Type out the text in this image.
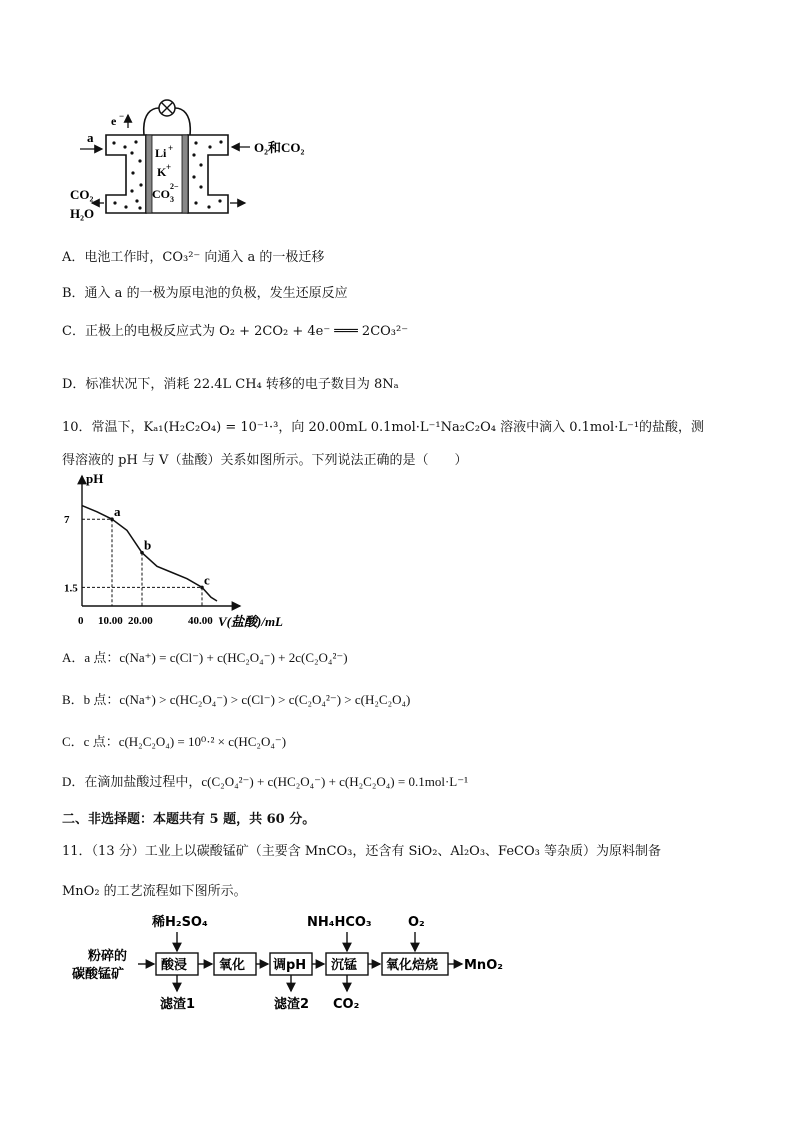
Li +
K +
CO 3
2−
e −
a
O₂和CO₂
CO₂
H₂O
A．电池工作时，CO₃²⁻ 向通入 a 的一极迁移
B．通入 a 的一极为原电池的负极，发生还原反应
C．正极上的电极反应式为 O₂ + 2CO₂ + 4e⁻ ═══ 2CO₃²⁻
D．标准状况下，消耗 22.4L CH₄ 转移的电子数目为 8Nₐ
10．常温下，Kₐ₁(H₂C₂O₄) = 10⁻¹·³，向 20.00mL 0.1mol·L⁻¹Na₂C₂O₄ 溶液中滴入 0.1mol·L⁻¹的盐酸，测
得溶液的 pH 与 V（盐酸）关系如图所示。下列说法正确的是（　　）
pH
V(盐酸)/mL
a
b
c
0 10.00 20.00	40.00
7
1.5
A．a 点：c(Na⁺) = c(Cl⁻) + c(HC₂O₄⁻) + 2c(C₂O₄²⁻)
B．b 点：c(Na⁺) > c(HC₂O₄⁻) > c(Cl⁻) > c(C₂O₄²⁻) > c(H₂C₂O₄)
C．c 点：c(H₂C₂O₄) = 10⁰·² × c(HC₂O₄⁻)
D．在滴加盐酸过程中，c(C₂O₄²⁻) + c(HC₂O₄⁻) + c(H₂C₂O₄) = 0.1mol·L⁻¹
二、非选择题：本题共有 5 题，共 60 分。
11．（13 分）工业上以碳酸锰矿（主要含 MnCO₃，还含有 SiO₂、Al₂O₃、FeCO₃ 等杂质）为原料制备
MnO₂ 的工艺流程如下图所示。
粉碎的
碳酸锰矿
酸浸 氧化 调pH 沉锰 氧化焙烧 MnO₂
稀H₂SO₄	NH₄HCO₃	O₂
滤渣1	滤渣2 CO₂
